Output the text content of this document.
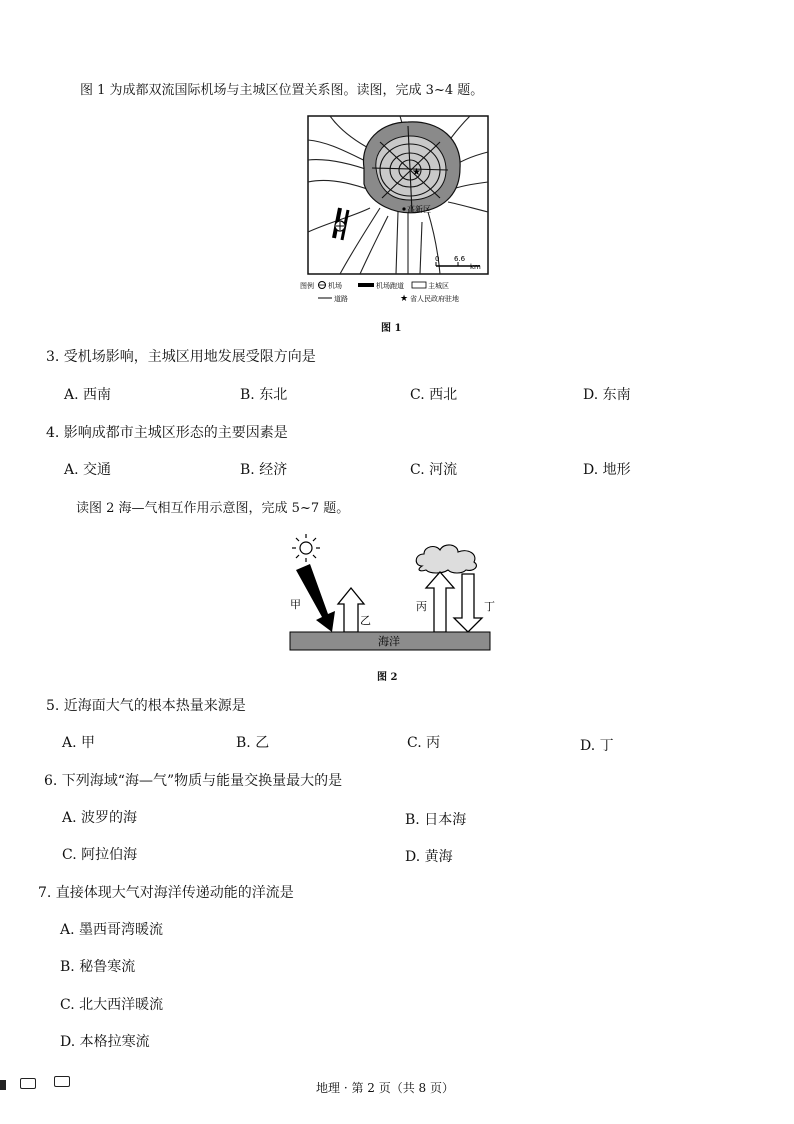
图 1 为成都双流国际机场与主城区位置关系图。读图，完成 3~4 题。
★
高新区
0 6.6
km
图例 机场	机场跑道	主城区
道路	★ 省人民政府驻地
图 1
3. 受机场影响，主城区用地发展受限方向是
A. 西南	B. 东北	C. 西北	D. 东南
4. 影响成都市主城区形态的主要因素是
A. 交通	B. 经济	C. 河流	D. 地形
读图 2 海—气相互作用示意图，完成 5~7 题。
甲
乙
丙	丁
海洋
图 2
5. 近海面大气的根本热量来源是
A. 甲	B. 乙	C. 丙	D. 丁
6. 下列海域“海—气”物质与能量交换量最大的是
A. 波罗的海	B. 日本海
C. 阿拉伯海	D. 黄海
7. 直接体现大气对海洋传递动能的洋流是
A. 墨西哥湾暖流
B. 秘鲁寒流
C. 北大西洋暖流
D. 本格拉寒流
地理 · 第 2 页（共 8 页）
